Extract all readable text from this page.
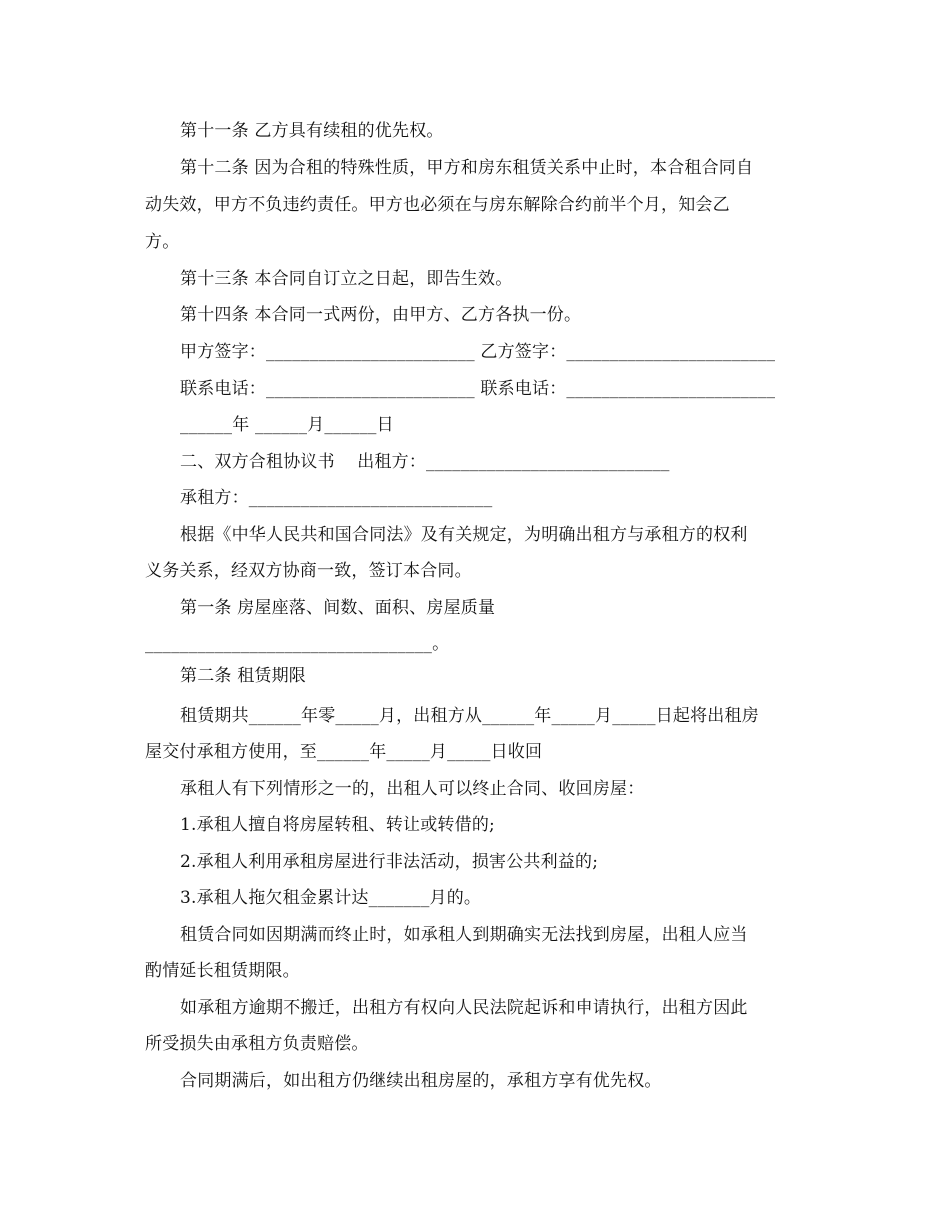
第十一条 乙方具有续租的优先权。
第十二条 因为合租的特殊性质，甲方和房东租赁关系中止时，本合租合同自
动失效，甲方不负违约责任。甲方也必须在与房东解除合约前半个月，知会乙
方。
第十三条 本合同自订立之日起，即告生效。
第十四条 本合同一式两份，由甲方、乙方各执一份。
甲方签字：________________________ 乙方签字：________________________
联系电话：________________________ 联系电话：________________________
______年 ______月______日
二、双方合租协议书    出租方：____________________________
承租方：____________________________
根据《中华人民共和国合同法》及有关规定，为明确出租方与承租方的权利
义务关系，经双方协商一致，签订本合同。
第一条 房屋座落、间数、面积、房屋质量
_________________________________。
第二条 租赁期限
租赁期共______年零_____月，出租方从______年_____月_____日起将出租房
屋交付承租方使用，至______年_____月_____日收回
承租人有下列情形之一的，出租人可以终止合同、收回房屋：
1.承租人擅自将房屋转租、转让或转借的;
2.承租人利用承租房屋进行非法活动，损害公共利益的;
3.承租人拖欠租金累计达_______月的。
租赁合同如因期满而终止时，如承租人到期确实无法找到房屋，出租人应当
酌情延长租赁期限。
如承租方逾期不搬迁，出租方有权向人民法院起诉和申请执行，出租方因此
所受损失由承租方负责赔偿。
合同期满后，如出租方仍继续出租房屋的，承租方享有优先权。
